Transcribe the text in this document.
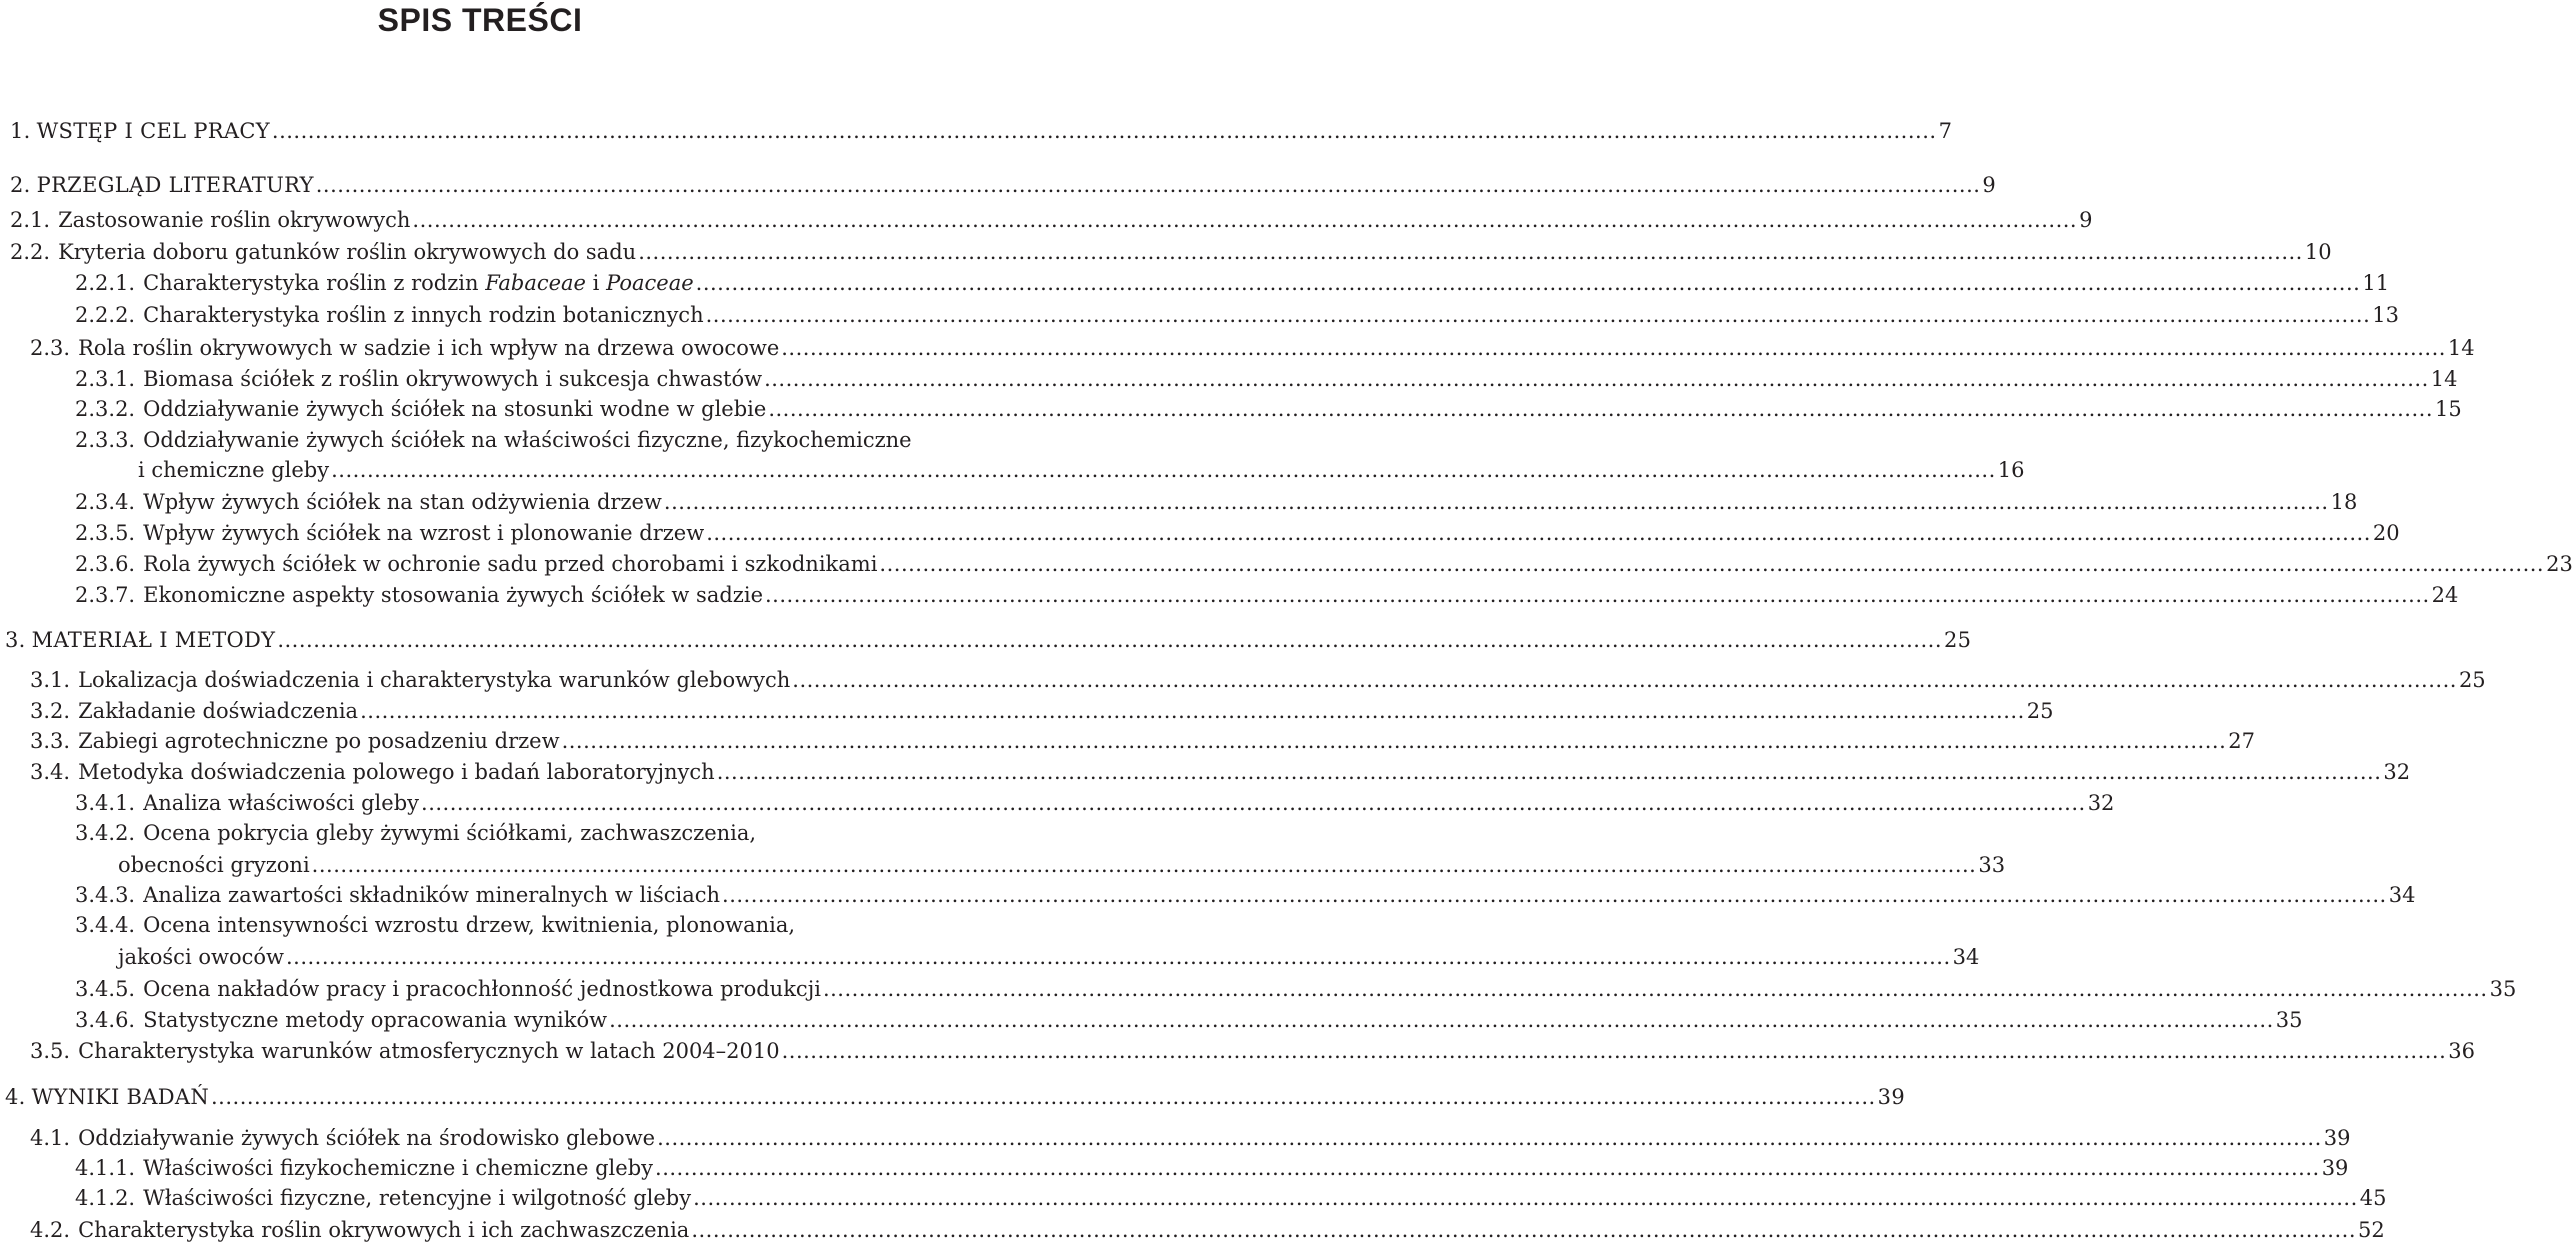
SPIS TREŚCI
1. WSTĘP I CEL PRACY .....	7
2. PRZEGLĄD LITERATURY .....	9
2.1. Zastosowanie roślin okrywowych .....	9
2.2. Kryteria doboru gatunków roślin okrywowych do sadu .....	10
2.2.1. Charakterystyka roślin z rodzin Fabaceae i Poaceae .....	11
2.2.2. Charakterystyka roślin z innych rodzin botanicznych .....	13
2.3. Rola roślin okrywowych w sadzie i ich wpływ na drzewa owocowe .....	14
2.3.1. Biomasa ściółek z roślin okrywowych i sukcesja chwastów .....	14
2.3.2. Oddziaływanie żywych ściółek na stosunki wodne w glebie .....	15
2.3.3. Oddziaływanie żywych ściółek na właściwości fizyczne, fizykochemiczne
i chemiczne gleby .....	16
2.3.4. Wpływ żywych ściółek na stan odżywienia drzew .....	18
2.3.5. Wpływ żywych ściółek na wzrost i plonowanie drzew .....	20
2.3.6. Rola żywych ściółek w ochronie sadu przed chorobami i szkodnikami .....	23
2.3.7. Ekonomiczne aspekty stosowania żywych ściółek w sadzie .....	24
3. MATERIAŁ I METODY .....	25
3.1. Lokalizacja doświadczenia i charakterystyka warunków glebowych .....	25
3.2. Zakładanie doświadczenia .....	25
3.3. Zabiegi agrotechniczne po posadzeniu drzew .....	27
3.4. Metodyka doświadczenia polowego i badań laboratoryjnych .....	32
3.4.1. Analiza właściwości gleby .....	32
3.4.2. Ocena pokrycia gleby żywymi ściółkami, zachwaszczenia,
obecności gryzoni .....	33
3.4.3. Analiza zawartości składników mineralnych w liściach .....	34
3.4.4. Ocena intensywności wzrostu drzew, kwitnienia, plonowania,
jakości owoców .....	34
3.4.5. Ocena nakładów pracy i pracochłonność jednostkowa produkcji .....	35
3.4.6. Statystyczne metody opracowania wyników .....	35
3.5. Charakterystyka warunków atmosferycznych w latach 2004–2010 .....	36
4. WYNIKI BADAŃ .....	39
4.1. Oddziaływanie żywych ściółek na środowisko glebowe .....	39
4.1.1. Właściwości fizykochemiczne i chemiczne gleby .....	39
4.1.2. Właściwości fizyczne, retencyjne i wilgotność gleby .....	45
4.2. Charakterystyka roślin okrywowych i ich zachwaszczenia .....	52
